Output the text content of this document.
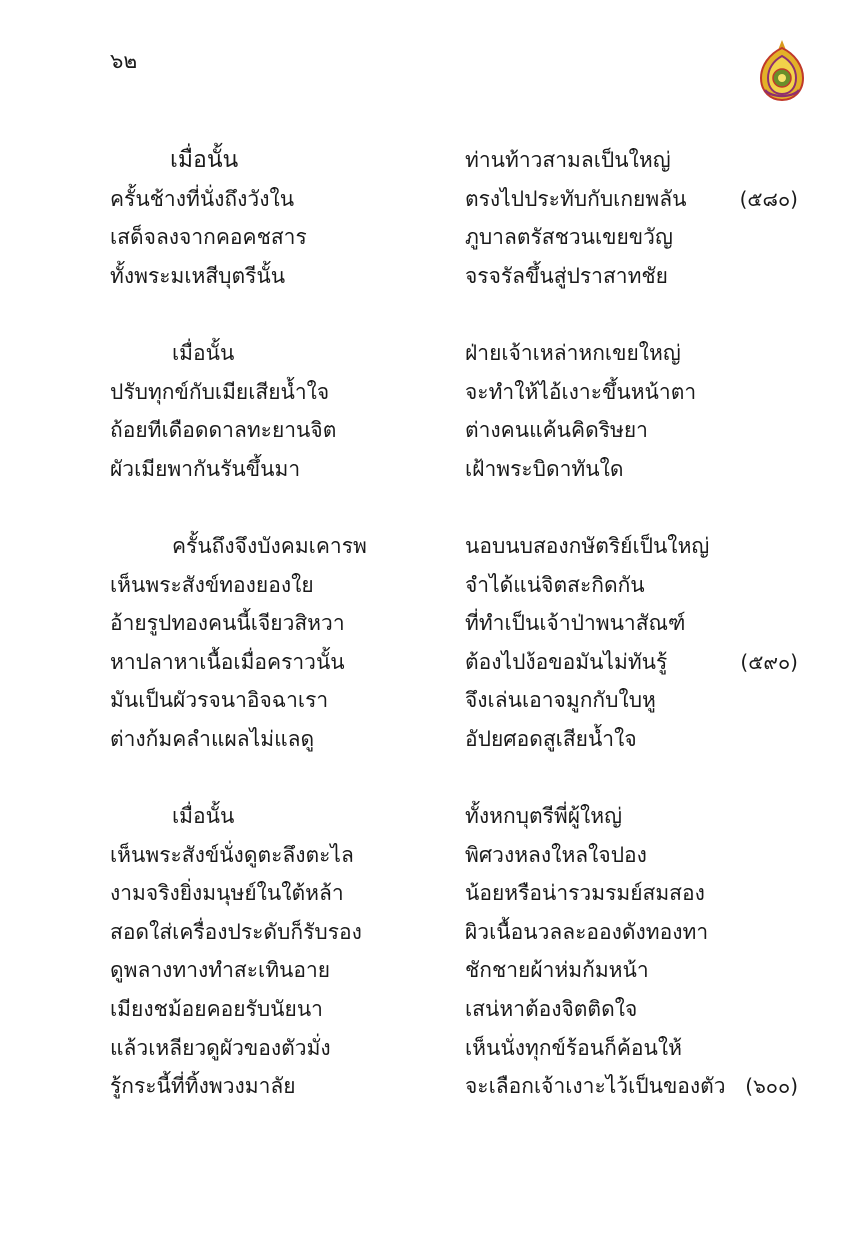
๖๒
เมื่อนั้น	ท่านท้าวสามลเป็นใหญ่
ครั้นช้างที่นั่งถึงวังใน	ตรงไปประทับกับเกยพลัน	(๕๘๐)
เสด็จลงจากคอคชสาร	ภูบาลตรัสชวนเขยขวัญ
ทั้งพระมเหสีบุตรีนั้น	จรจรัลขึ้นสู่ปราสาทชัย
เมื่อนั้น	ฝ่ายเจ้าเหล่าหกเขยใหญ่
ปรับทุกข์กับเมียเสียน้ำใจ	จะทำให้ไอ้เงาะขึ้นหน้าตา
ถ้อยทีเดือดดาลทะยานจิต	ต่างคนแค้นคิดริษยา
ผัวเมียพากันรันขึ้นมา	เฝ้าพระบิดาทันใด
ครั้นถึงจึงบังคมเคารพ	นอบนบสองกษัตริย์เป็นใหญ่
เห็นพระสังข์ทองยองใย	จำได้แน่จิตสะกิดกัน
อ้ายรูปทองคนนี้เจียวสิหวา	ที่ทำเป็นเจ้าป่าพนาสัณฑ์
หาปลาหาเนื้อเมื่อคราวนั้น	ต้องไปง้อขอมันไม่ทันรู้	(๕๙๐)
มันเป็นผัวรจนาอิจฉาเรา	จึงเล่นเอาจมูกกับใบหู
ต่างก้มคลำแผลไม่แลดู	อัปยศอดสูเสียน้ำใจ
เมื่อนั้น	ทั้งหกบุตรีพี่ผู้ใหญ่
เห็นพระสังข์นั่งดูตะลึงตะไล	พิศวงหลงใหลใจปอง
งามจริงยิ่งมนุษย์ในใต้หล้า	น้อยหรือน่ารวมรมย์สมสอง
สอดใส่เครื่องประดับก็รับรอง	ผิวเนื้อนวลละอองดังทองทา
ดูพลางทางทำสะเทินอาย	ชักชายผ้าห่มก้มหน้า
เมียงชม้อยคอยรับนัยนา	เสน่หาต้องจิตติดใจ
แล้วเหลียวดูผัวของตัวมั่ง	เห็นนั่งทุกข์ร้อนก็ค้อนให้
รู้กระนี้ที่ทิ้งพวงมาลัย	จะเลือกเจ้าเงาะไว้เป็นของตัว (๖๐๐)
